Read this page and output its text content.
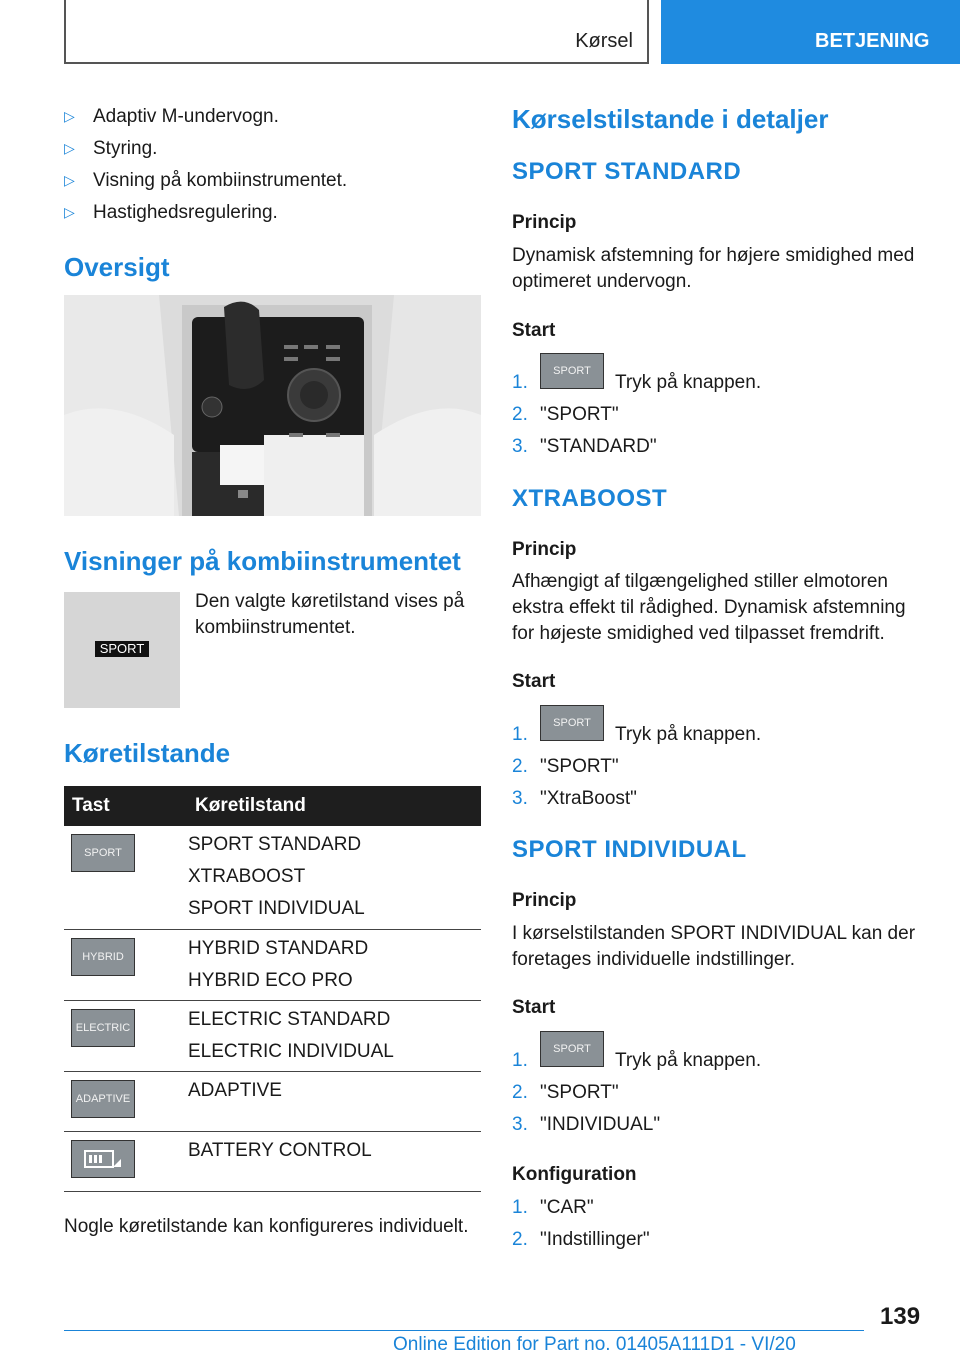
Kørsel	BETJENING
▷ Adaptiv M-undervogn.
▷ Styring.
▷ Visning på kombiinstrumentet.
▷ Hastighedsregulering.
Oversigt
Visninger på kombiinstrumentet
SPORT
Den valgte køretilstand vises på kombiinstrumentet.
Køretilstande
Tast	Køretilstand
SPORT	SPORT STANDARD
XTRABOOST
SPORT INDIVIDUAL

HYBRID	HYBRID STANDARD
HYBRID ECO PRO

ELECTRIC	ELECTRIC STANDARD
ELECTRIC INDIVIDUAL

ADAPTIVE	ADAPTIVE

BATTERY CONTROL
Nogle køretilstande kan konfigureres individuelt.
Kørselstilstande i detaljer
SPORT STANDARD
Princip
Dynamisk afstemning for højere smidighed med
optimeret undervogn.
Start
1.
SPORT
Tryk på knappen.
2. "SPORT"
3. "STANDARD"
XTRABOOST
Princip
Afhængigt af tilgængelighed stiller elmotoren
ekstra effekt til rådighed. Dynamisk afstemning
for højeste smidighed ved tilpasset fremdrift.
Start
1.
SPORT
Tryk på knappen.
2. "SPORT"
3. "XtraBoost"
SPORT INDIVIDUAL
Princip
I kørselstilstanden SPORT INDIVIDUAL kan der
foretages individuelle indstillinger.
Start
1.
SPORT
Tryk på knappen.
2. "SPORT"
3. "INDIVIDUAL"
Konfiguration
1. "CAR"
2. "Indstillinger"
139
Online Edition for Part no. 01405A111D1 - VI/20
